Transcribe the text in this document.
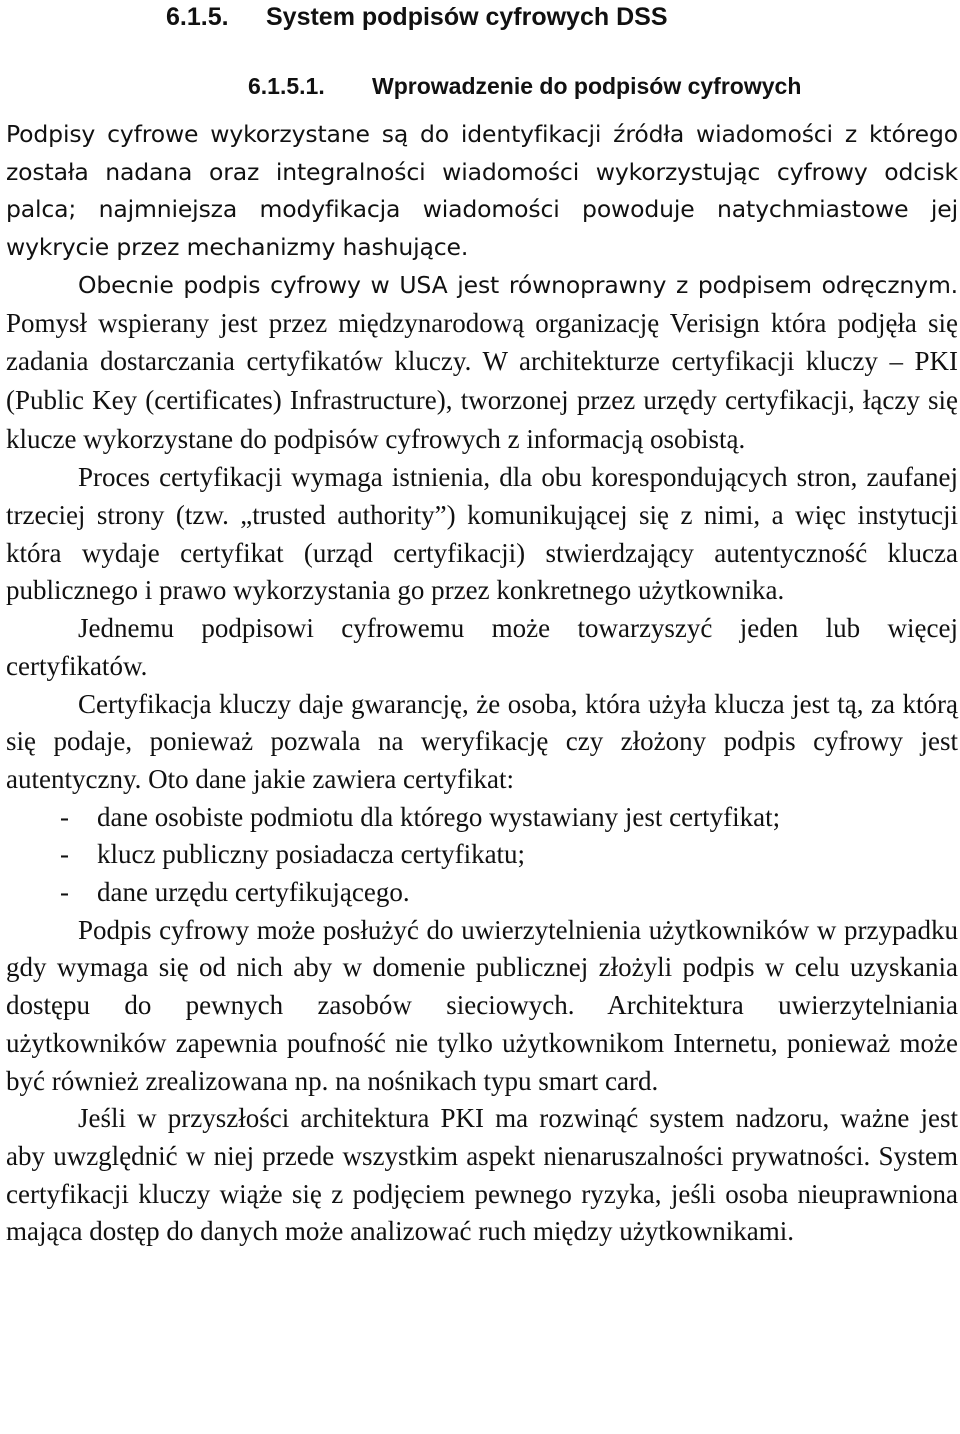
6.1.5. System podpisów cyfrowych DSS
6.1.5.1. Wprowadzenie do podpisów cyfrowych

Podpisy cyfrowe wykorzystane są do identyfikacji źródła wiadomości z którego została nadana oraz integralności wiadomości wykorzystując cyfrowy odcisk palca; najmniejsza modyfikacja wiadomości powoduje natychmiastowe jej wykrycie przez mechanizmy hashujące.

Obecnie podpis cyfrowy w USA jest równoprawny z podpisem odręcznym. Pomysł wspierany jest przez międzynarodową organizację Verisign która podjęła się zadania dostarczania certyfikatów kluczy. W architekturze certyfikacji kluczy – PKI (Public Key (certificates) Infrastructure), tworzonej przez urzędy certyfikacji, łączy się klucze wykorzystane do podpisów cyfrowych z informacją osobistą.

Proces certyfikacji wymaga istnienia, dla obu korespondujących stron, zaufanej trzeciej strony (tzw. „trusted authority”) komunikującej się z nimi, a więc instytucji która wydaje certyfikat (urząd certyfikacji) stwierdzający autentyczność klucza publicznego i prawo wykorzystania go przez konkretnego użytkownika.

Jednemu podpisowi cyfrowemu może towarzyszyć jeden lub więcej certyfikatów.

Certyfikacja kluczy daje gwarancję, że osoba, która użyła klucza jest tą, za którą się podaje, ponieważ pozwala na weryfikację czy złożony podpis cyfrowy jest autentyczny. Oto dane jakie zawiera certyfikat:

- dane osobiste podmiotu dla którego wystawiany jest certyfikat;
- klucz publiczny posiadacza certyfikatu;
- dane urzędu certyfikującego.

Podpis cyfrowy może posłużyć do uwierzytelnienia użytkowników w przypadku gdy wymaga się od nich aby w domenie publicznej złożyli podpis w celu uzyskania dostępu do pewnych zasobów sieciowych. Architektura uwierzytelniania użytkowników zapewnia poufność nie tylko użytkownikom Internetu, ponieważ może być również zrealizowana np. na nośnikach typu smart card.

Jeśli w przyszłości architektura PKI ma rozwinąć system nadzoru, ważne jest aby uwzględnić w niej przede wszystkim aspekt nienaruszalności prywatności. System certyfikacji kluczy wiąże się z podjęciem pewnego ryzyka, jeśli osoba nieuprawniona mająca dostęp do danych może analizować ruch między użytkownikami.
